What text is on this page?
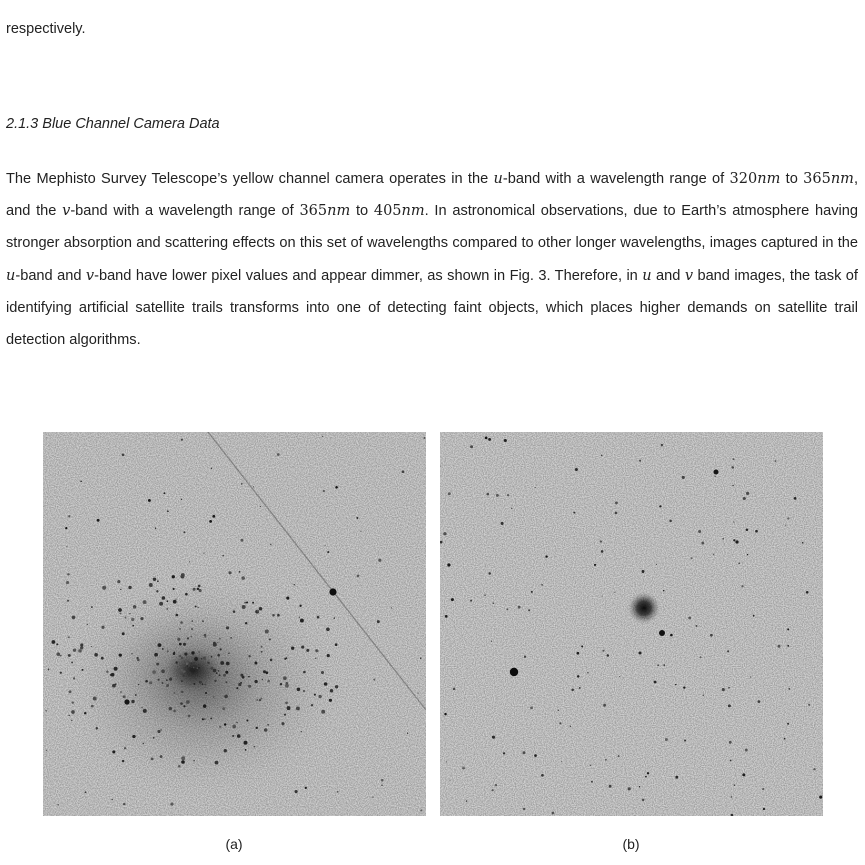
respectively.
2.1.3 Blue Channel Camera Data
The Mephisto Survey Telescope’s yellow channel camera operates in the u-band with a wavelength range of 320nm to 365nm, and the v-band with a wavelength range of 365nm to 405nm. In astronomical observations, due to Earth’s atmosphere having stronger absorption and scattering effects on this set of wavelengths compared to other longer wavelengths, images captured in the u-band and v-band have lower pixel values and appear dimmer, as shown in Fig. 3. Therefore, in u and v band images, the task of identifying artificial satellite trails transforms into one of detecting faint objects, which places higher demands on satellite trail detection algorithms.
(a)	(b)
